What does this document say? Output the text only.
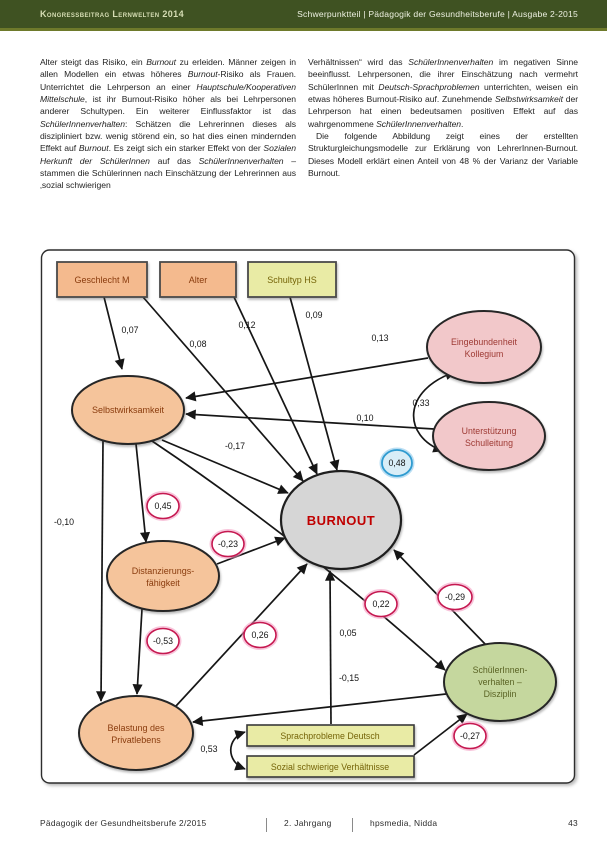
Kongressbeitrag Lernwelten 2014	Schwerpunktteil | Pädagogik der Gesundheitsberufe | Ausgabe 2-2015

Alter steigt das Risiko, ein Burnout zu erleiden. Männer zeigen in allen Modellen ein etwas höheres Burnout-Risiko als Frauen. Unterrichtet die Lehrperson an einer Hauptschule/Kooperativen Mittelschule, ist ihr Burnout-Risiko höher als bei Lehrpersonen anderer Schultypen. Ein weiterer Einflussfaktor ist das SchülerInnenverhalten: Schätzen die Lehrerinnen dieses als diszipliniert bzw. wenig störend ein, so hat dies einen mindernden Effekt auf Burnout. Es zeigt sich ein starker Effekt von der Sozialen Herkunft der SchülerInnen auf das SchülerInnenverhalten – stammen die Schülerinnen nach Einschätzung der Lehrerinnen aus ‚sozial schwierigen

Verhältnissen“ wird das SchülerInnenverhalten im negativen Sinne beeinflusst. Lehrpersonen, die ihrer Einschätzung nach vermehrt SchülerInnen mit Deutsch-Sprachproblemen unterrichten, weisen ein etwas höheres Burnout-Risiko auf. Zunehmende Selbstwirksamkeit der Lehrperson hat einen bedeutsamen positiven Effekt auf das wahrgenommene SchülerInnenverhalten.

Die folgende Abbildung zeigt eines der erstellten Strukturgleichungsmodelle zur Erklärung von LehrerInnen-Burnout. Dieses Modell erklärt einen Anteil von 48 % der Varianz der Variable Burnout.

Geschlecht M	Alter	Schultyp HS
Eingebundenheit
Kollegium
Unterstützung
Schulleitung
Selbstwirksamkeit
BURNOUT
Distanzierungs-
fähigkeit
Belastung des
Privatlebens
SchülerInnen-
verhalten –
Disziplin
Sprachprobleme Deutsch
Sozial schwierige Verhältnisse
0,07
0,08
0,12
0,09
0,13
0,33
0,10
-0,17
-0,10
0,05
-0,15
0,53
0,45
-0,23
0,22
-0,29
-0,53
0,26
-0,27
0,48
Pädagogik der Gesundheitsberufe 2/2015	2. Jahrgang	hpsmedia, Nidda	43
